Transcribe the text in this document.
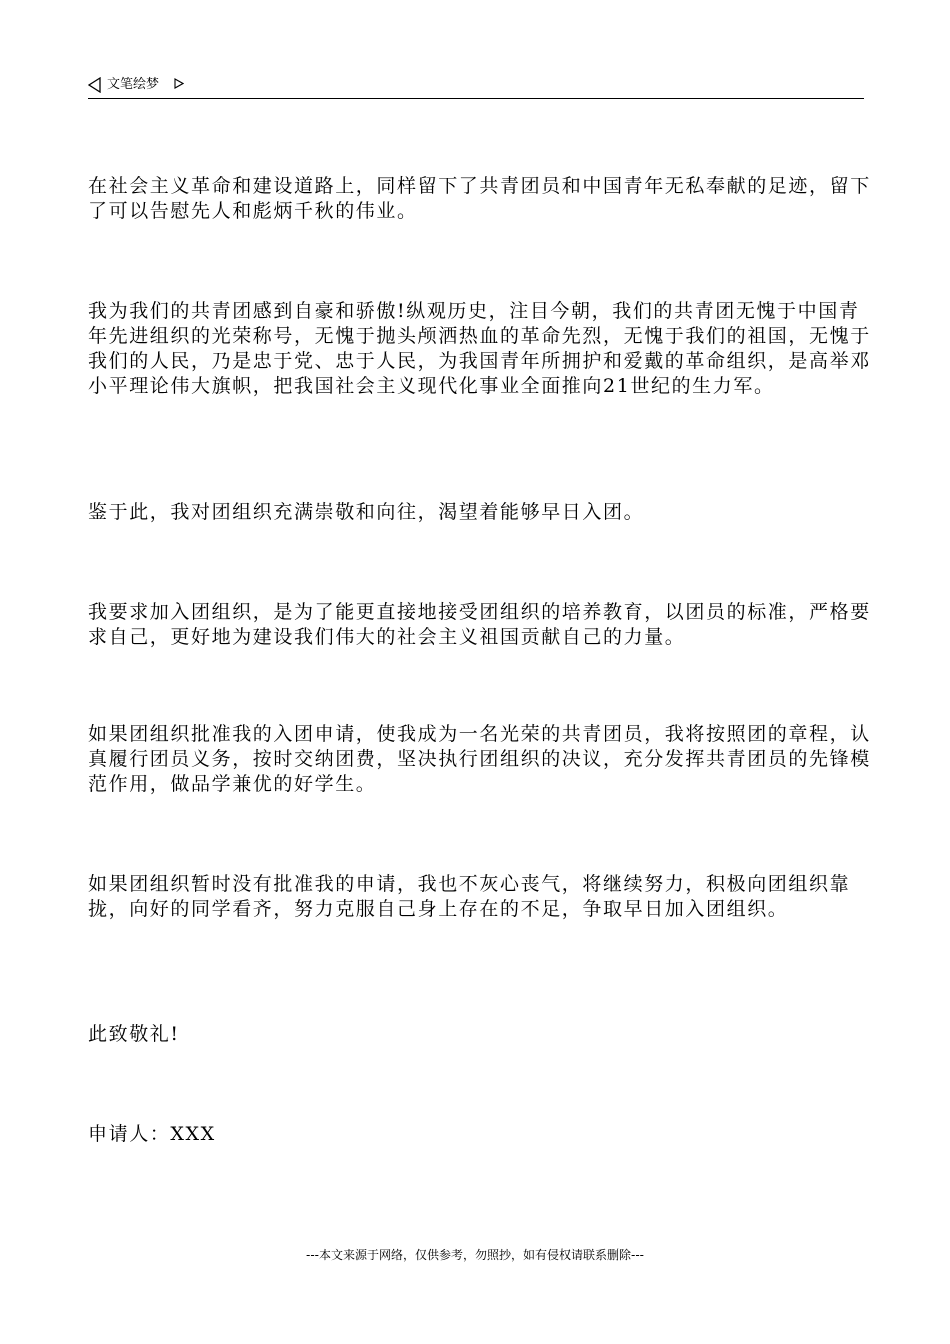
文笔绘梦

在社会主义革命和建设道路上，同样留下了共青团员和中国青年无私奉献的足迹，留下了可以告慰先人和彪炳千秋的伟业。

我为我们的共青团感到自豪和骄傲!纵观历史，注目今朝，我们的共青团无愧于中国青年先进组织的光荣称号，无愧于抛头颅洒热血的革命先烈，无愧于我们的祖国，无愧于我们的人民，乃是忠于党、忠于人民，为我国青年所拥护和爱戴的革命组织，是高举邓小平理论伟大旗帜，把我国社会主义现代化事业全面推向21世纪的生力军。

鉴于此，我对团组织充满崇敬和向往，渴望着能够早日入团。

我要求加入团组织，是为了能更直接地接受团组织的培养教育，以团员的标准，严格要求自己，更好地为建设我们伟大的社会主义祖国贡献自己的力量。

如果团组织批准我的入团申请，使我成为一名光荣的共青团员，我将按照团的章程，认真履行团员义务，按时交纳团费，坚决执行团组织的决议，充分发挥共青团员的先锋模范作用，做品学兼优的好学生。

如果团组织暂时没有批准我的申请，我也不灰心丧气，将继续努力，积极向团组织靠拢，向好的同学看齐，努力克服自己身上存在的不足，争取早日加入团组织。

此致敬礼!

申请人：XXX

---本文来源于网络，仅供参考，勿照抄，如有侵权请联系删除---
